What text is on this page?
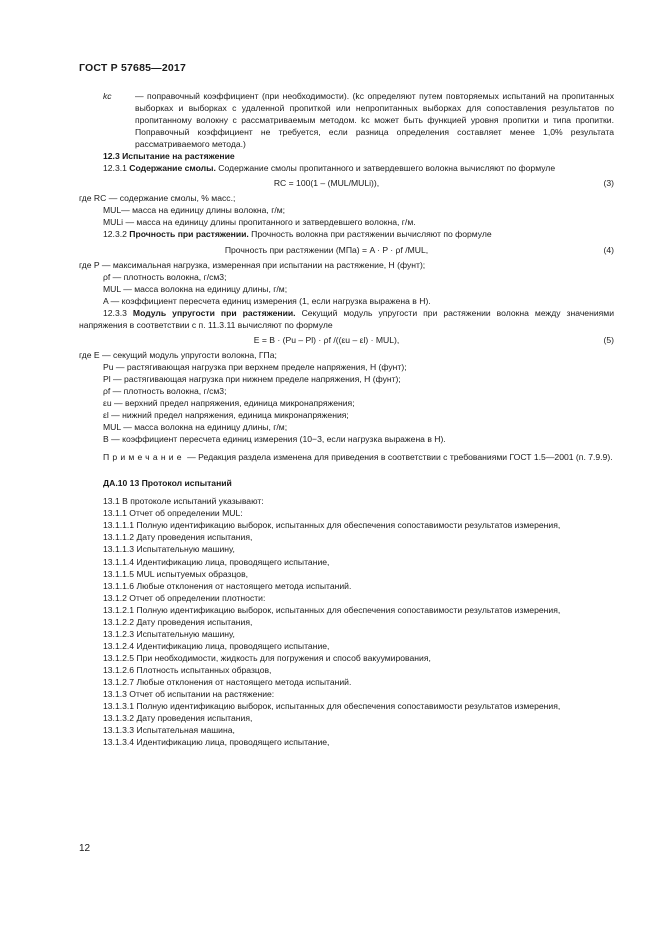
ГОСТ Р 57685—2017
kc	— поправочный коэффициент (при необходимости). (kc определяют путем повторяемых испытаний на пропитанных выборках и выборках с удаленной пропиткой или непропитанных выборках для сопоставления результатов по пропитанному волокну с рассматриваемым методом. kc может быть функцией уровня пропитки и типа пропитки. Поправочный коэффициент не требуется, если разница определения составляет менее 1,0% результата рассматриваемого метода.)

12.3 Испытание на растяжение

12.3.1 Содержание смолы. Содержание смолы пропитанного и затвердевшего волокна вычисляют по формуле

RC = 100(1 – (MUL/MULi)),	(3)

где RC — содержание смолы, % масс.;

MUL— масса на единицу длины волокна, г/м;

MULi — масса на единицу длины пропитанного и затвердевшего волокна, г/м.

12.3.2 Прочность при растяжении. Прочность волокна при растяжении вычисляют по формуле

Прочность при растяжении (МПа) = A · P · ρf /MUL,	(4)

где P — максимальная нагрузка, измеренная при испытании на растяжение, Н (фунт);

ρf — плотность волокна, г/см3;

MUL — масса волокна на единицу длины, г/м;

A — коэффициент пересчета единиц измерения (1, если нагрузка выражена в Н).

12.3.3 Модуль упругости при растяжении. Секущий модуль упругости при растяжении волокна между значениями напряжения в соответствии с п. 11.3.11 вычисляют по формуле

E = B · (Pu – Pl) · ρf /((εu – εl) · MUL),	(5)

где E — секущий модуль упругости волокна, ГПа;

Pu — растягивающая нагрузка при верхнем пределе напряжения, Н (фунт);

Pl — растягивающая нагрузка при нижнем пределе напряжения, Н (фунт);

ρf — плотность волокна, г/см3;

εu — верхний предел напряжения, единица микронапряжения;

εl — нижний предел напряжения, единица микронапряжения;

MUL — масса волокна на единицу длины, г/м;

B — коэффициент пересчета единиц измерения (10−3, если нагрузка выражена в Н).

Примечание — Редакция раздела изменена для приведения в соответствии с требованиями ГОСТ 1.5—2001 (п. 7.9.9).

ДА.10 13 Протокол испытаний

13.1 В протоколе испытаний указывают:

13.1.1 Отчет об определении MUL:

13.1.1.1 Полную идентификацию выборок, испытанных для обеспечения сопоставимости результатов измерения,

13.1.1.2 Дату проведения испытания,

13.1.1.3 Испытательную машину,

13.1.1.4 Идентификацию лица, проводящего испытание,

13.1.1.5 MUL испытуемых образцов,

13.1.1.6 Любые отклонения от настоящего метода испытаний.

13.1.2 Отчет об определении плотности:

13.1.2.1 Полную идентификацию выборок, испытанных для обеспечения сопоставимости результатов измерения,

13.1.2.2 Дату проведения испытания,

13.1.2.3 Испытательную машину,

13.1.2.4 Идентификацию лица, проводящего испытание,

13.1.2.5 При необходимости, жидкость для погружения и способ вакуумирования,

13.1.2.6 Плотность испытанных образцов,

13.1.2.7 Любые отклонения от настоящего метода испытаний.

13.1.3 Отчет об испытании на растяжение:

13.1.3.1 Полную идентификацию выборок, испытанных для обеспечения сопоставимости результатов измерения,

13.1.3.2 Дату проведения испытания,

13.1.3.3 Испытательная машина,

13.1.3.4 Идентификацию лица, проводящего испытание,

12
